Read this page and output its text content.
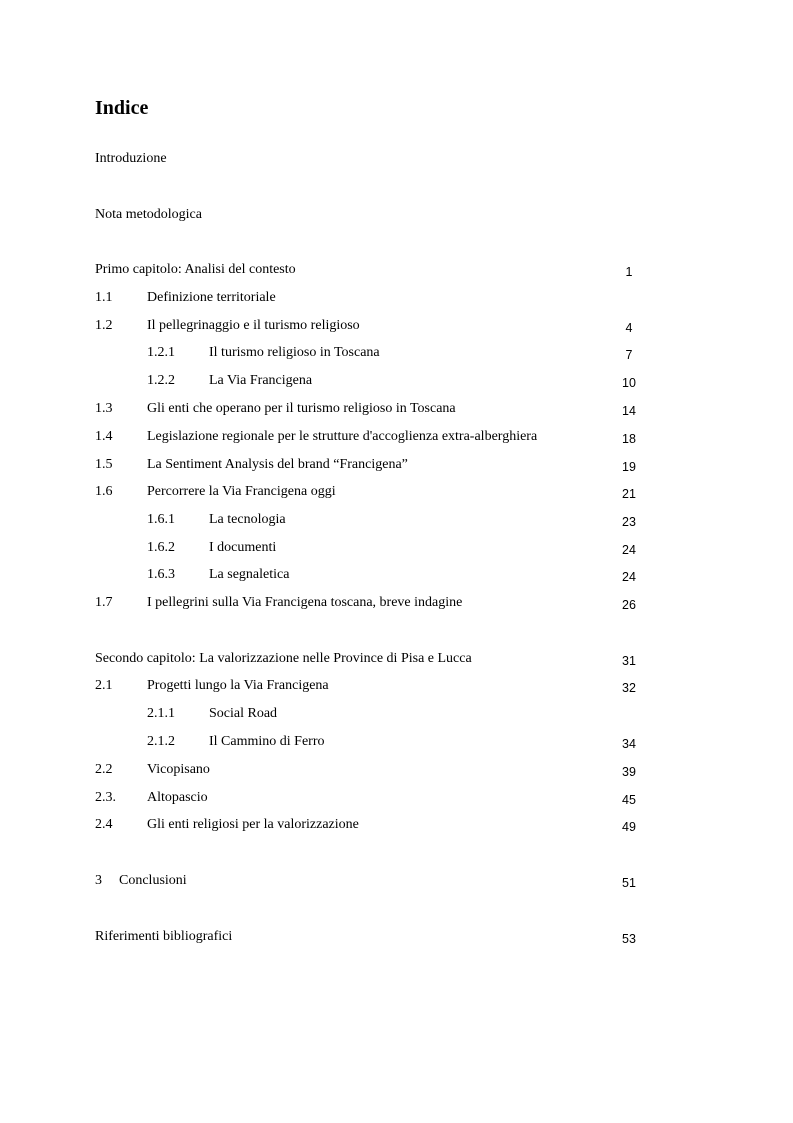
Indice
Introduzione
Nota metodologica
Primo capitolo: Analisi del contesto	1
1.1 Definizione territoriale
1.2 Il pellegrinaggio e il turismo religioso	4
1.2.1 Il turismo religioso in Toscana	7
1.2.2 La Via Francigena	10
1.3 Gli enti che operano per il turismo religioso in Toscana	14
1.4 Legislazione regionale per le strutture d'accoglienza extra-alberghiera	18
1.5 La Sentiment Analysis del brand “Francigena”	19
1.6 Percorrere la Via Francigena oggi	21
1.6.1 La tecnologia	23
1.6.2 I documenti	24
1.6.3 La segnaletica	24
1.7 I pellegrini sulla Via Francigena toscana, breve indagine	26
Secondo capitolo: La valorizzazione nelle Province di Pisa e Lucca	31
2.1 Progetti lungo la Via Francigena	32
2.1.1 Social Road
2.1.2 Il Cammino di Ferro	34
2.2 Vicopisano	39
2.3. Altopascio	45
2.4 Gli enti religiosi per la valorizzazione	49
3 Conclusioni	51
Riferimenti bibliografici	53
